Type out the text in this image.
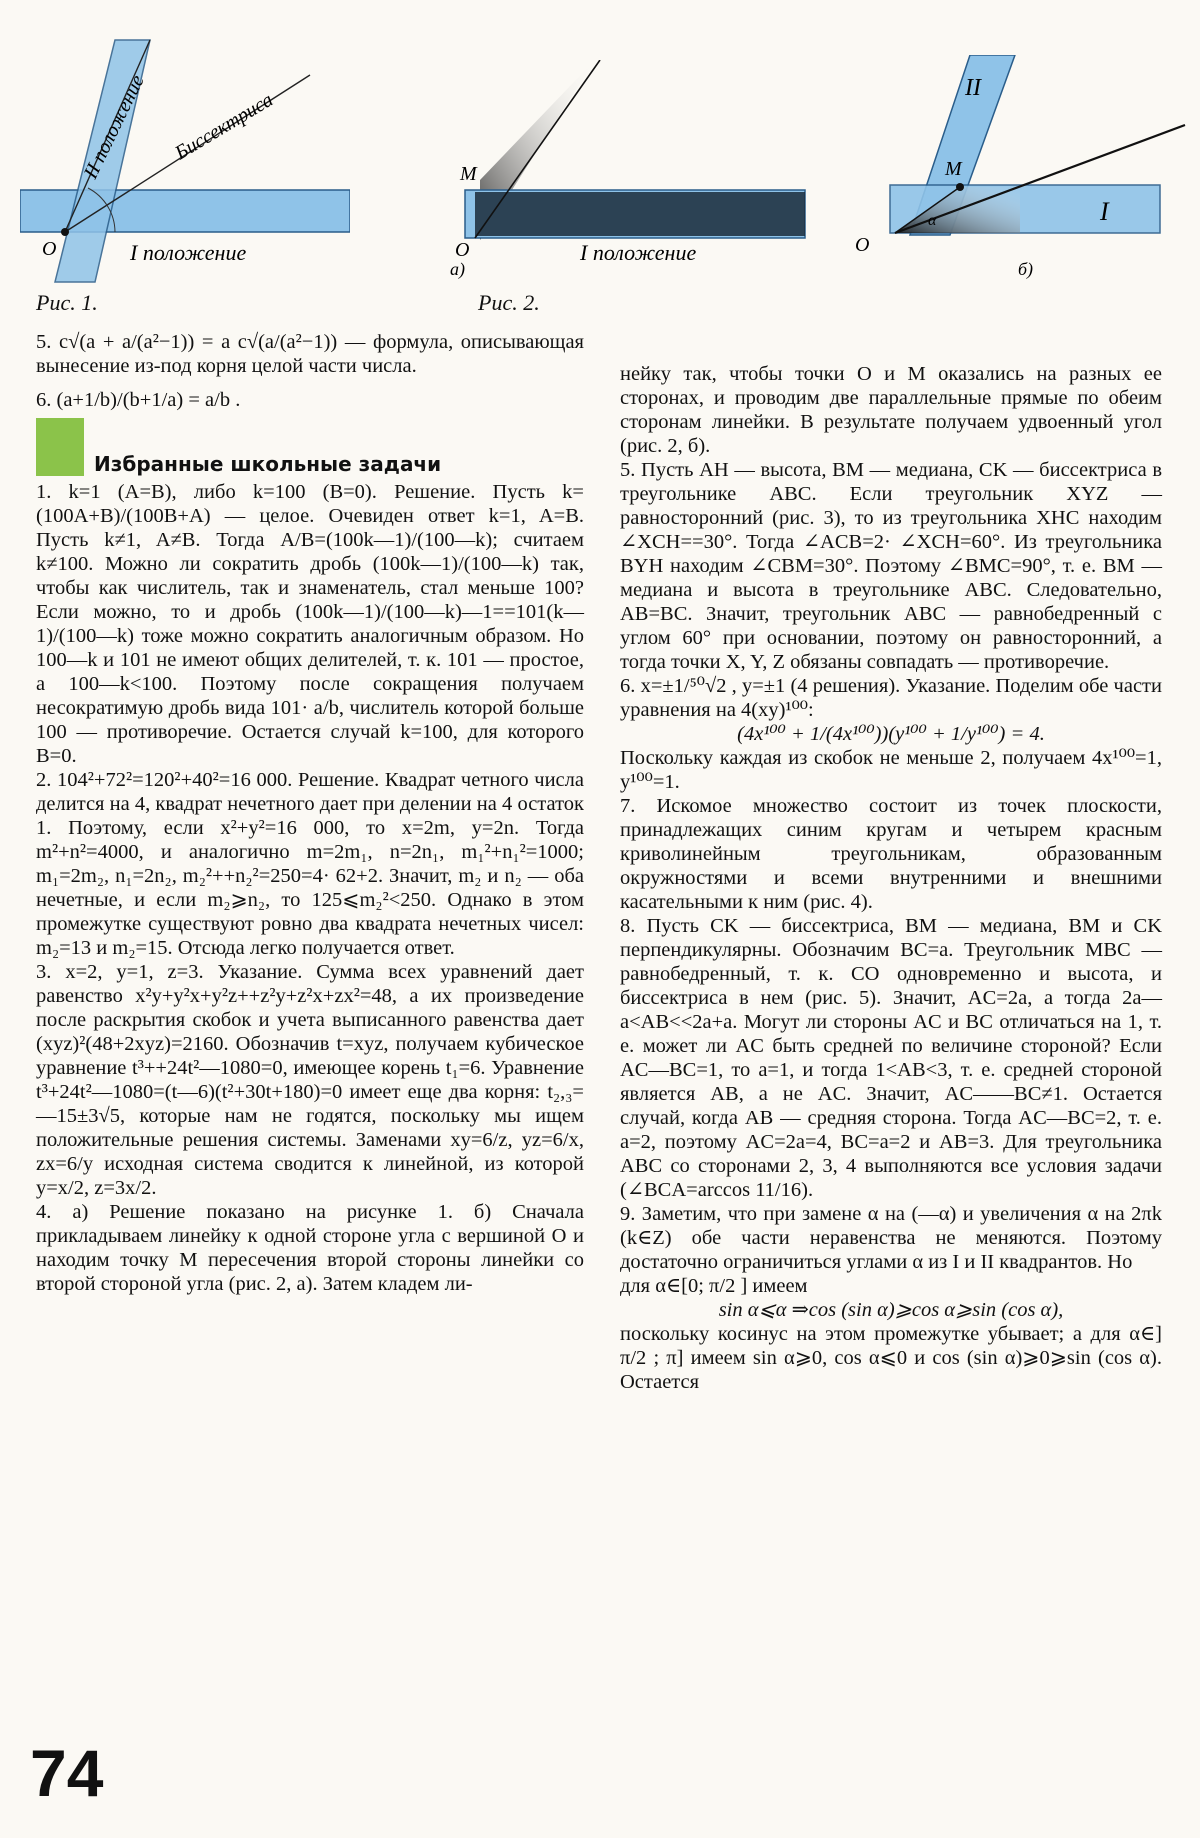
O	I положение
II положение Биссектриса
Рис. 1.
M
O	I положение
а)
Рис. 2.
M
O
II
I
α
б)

5. c√(a + a/(a²−1)) = a c√(a/(a²−1)) — формула, описывающая вынесение из-под корня целой части числа.

6. (a+1/b)/(b+1/a) = a/b .

Избранные школьные задачи

1. k=1 (A=B), либо k=100 (B=0). Решение. Пусть k=(100A+B)/(100B+A) — целое. Очевиден ответ k=1, A=B. Пусть k≠1, A≠B. Тогда A/B=(100k—1)/(100—k); считаем k≠100. Можно ли сократить дробь (100k—1)/(100—k) так, чтобы как числитель, так и знаменатель, стал меньше 100? Если можно, то и дробь (100k—1)/(100—k)—1==101(k—1)/(100—k) тоже можно сократить аналогичным образом. Но 100—k и 101 не имеют общих делителей, т. к. 101 — простое, а 100—k<100. Поэтому после сокращения получаем несократимую дробь вида 101· a/b, числитель которой больше 100 — противоречие. Остается случай k=100, для которого B=0.

2. 104²+72²=120²+40²=16 000. Решение. Квадрат четного числа делится на 4, квадрат нечетного дает при делении на 4 остаток 1. Поэтому, если x²+y²=16 000, то x=2m, y=2n. Тогда m²+n²=4000, и аналогично m=2m₁, n=2n₁, m₁²+n₁²=1000; m₁=2m₂, n₁=2n₂, m₂²++n₂²=250=4· 62+2. Значит, m₂ и n₂ — оба нечетные, и если m₂⩾n₂, то 125⩽m₂²<250. Однако в этом промежутке существуют ровно два квадрата нечетных чисел: m₂=13 и m₂=15. Отсюда легко получается ответ.

3. x=2, y=1, z=3. Указание. Сумма всех уравнений дает равенство x²y+y²x+y²z++z²y+z²x+zx²=48, а их произведение после раскрытия скобок и учета выписанного равенства дает (xyz)²(48+2xyz)=2160. Обозначив t=xyz, получаем кубическое уравнение t³++24t²—1080=0, имеющее корень t₁=6. Уравнение t³+24t²—1080=(t—6)(t²+30t+180)=0 имеет еще два корня: t₂,₃=—15±3√5, которые нам не годятся, поскольку мы ищем положительные решения системы. Заменами xy=6/z, yz=6/x, zx=6/y исходная система сводится к линейной, из которой y=x/2, z=3x/2.

4. а) Решение показано на рисунке 1. б) Сначала прикладываем линейку к одной стороне угла с вершиной O и находим точку M пересечения второй стороны линейки со второй стороной угла (рис. 2, а). Затем кладем ли-

нейку так, чтобы точки O и M оказались на разных ее сторонах, и проводим две параллельные прямые по обеим сторонам линейки. В результате получаем удвоенный угол (рис. 2, б).

5. Пусть AH — высота, BM — медиана, CK — биссектриса в треугольнике ABC. Если треугольник XYZ — равносторонний (рис. 3), то из треугольника XHC находим ∠XCH==30°. Тогда ∠ACB=2· ∠XCH=60°. Из треугольника BYH находим ∠CBM=30°. Поэтому ∠BMC=90°, т. е. BM — медиана и высота в треугольнике ABC. Следовательно, AB=BC. Значит, треугольник ABC — равнобедренный с углом 60° при основании, поэтому он равносторонний, а тогда точки X, Y, Z обязаны совпадать — противоречие.

6. x=±1/⁵⁰√2 , y=±1 (4 решения). Указание. Поделим обе части уравнения на 4(xy)¹⁰⁰:

(4x¹⁰⁰ + 1/(4x¹⁰⁰))(y¹⁰⁰ + 1/y¹⁰⁰) = 4.

Поскольку каждая из скобок не меньше 2, получаем 4x¹⁰⁰=1, y¹⁰⁰=1.

7. Искомое множество состоит из точек плоскости, принадлежащих синим кругам и четырем красным криволинейным треугольникам, образованным окружностями и всеми внутренними и внешними касательными к ним (рис. 4).

8. Пусть CK — биссектриса, BM — медиана, BM и CK перпендикулярны. Обозначим BC=a. Треугольник MBC — равнобедренный, т. к. CO одновременно и высота, и биссектриса в нем (рис. 5). Значит, AC=2a, а тогда 2a—a<AB<<2a+a. Могут ли стороны AC и BC отличаться на 1, т. е. может ли AC быть средней по величине стороной? Если AC—BC=1, то a=1, и тогда 1<AB<3, т. е. средней стороной является AB, а не AC. Значит, AC——BC≠1. Остается случай, когда AB — средняя сторона. Тогда AC—BC=2, т. е. a=2, поэтому AC=2a=4, BC=a=2 и AB=3. Для треугольника ABC со сторонами 2, 3, 4 выполняются все условия задачи (∠BCA=arccos 11/16).

9. Заметим, что при замене α на (—α) и увеличения α на 2πk (k∈Z) обе части неравенства не меняются. Поэтому достаточно ограничиться углами α из I и II квадрантов. Но

для α∈[0; π/2 ] имеем

sin α⩽α ⇒cos (sin α)⩾cos α⩾sin (cos α),

поскольку косинус на этом промежутке убывает; а для α∈] π/2 ; π] имеем sin α⩾0, cos α⩽0 и cos (sin α)⩾0⩾sin (cos α). Остается

74
